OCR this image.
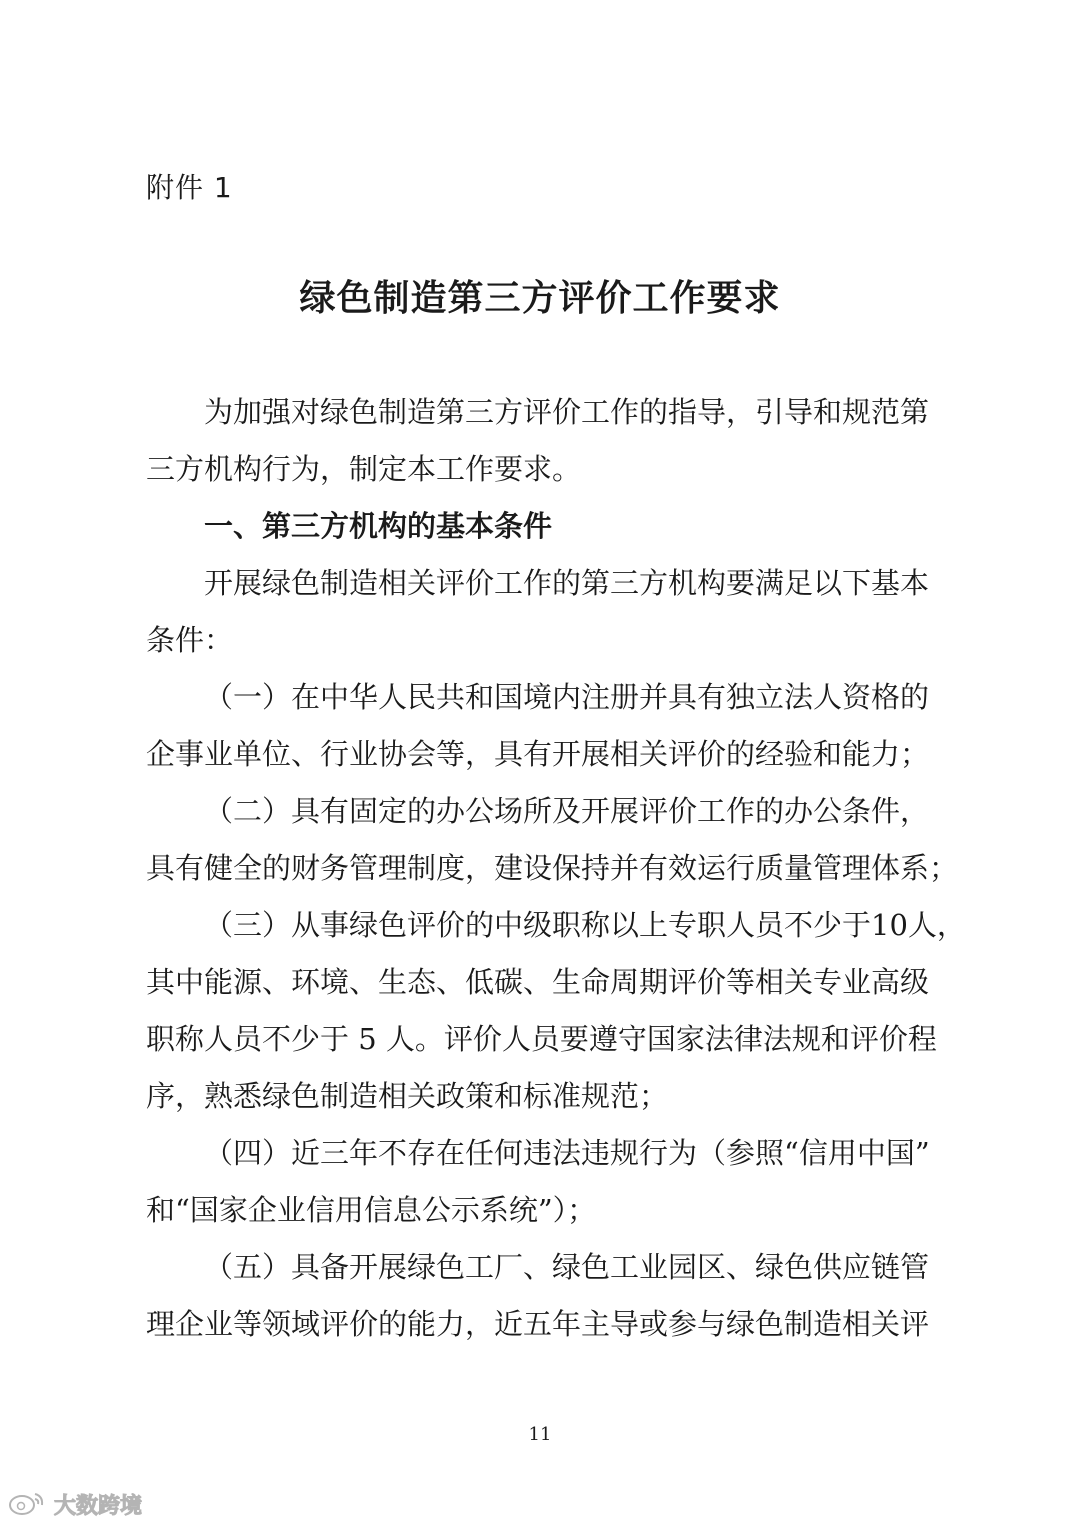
附件 1
绿色制造第三方评价工作要求
为加强对绿色制造第三方评价工作的指导，引导和规范第
三方机构行为，制定本工作要求。
一、第三方机构的基本条件
开展绿色制造相关评价工作的第三方机构要满足以下基本
条件：
（一）在中华人民共和国境内注册并具有独立法人资格的
企事业单位、行业协会等，具有开展相关评价的经验和能力；
（二）具有固定的办公场所及开展评价工作的办公条件，
具有健全的财务管理制度，建设保持并有效运行质量管理体系；
（三）从事绿色评价的中级职称以上专职人员不少于10人，
其中能源、环境、生态、低碳、生命周期评价等相关专业高级
职称人员不少于 5 人。评价人员要遵守国家法律法规和评价程
序，熟悉绿色制造相关政策和标准规范；
（四）近三年不存在任何违法违规行为（参照“信用中国”
和“国家企业信用信息公示系统”）；
（五）具备开展绿色工厂、绿色工业园区、绿色供应链管
理企业等领域评价的能力，近五年主导或参与绿色制造相关评
11
大数跨境
